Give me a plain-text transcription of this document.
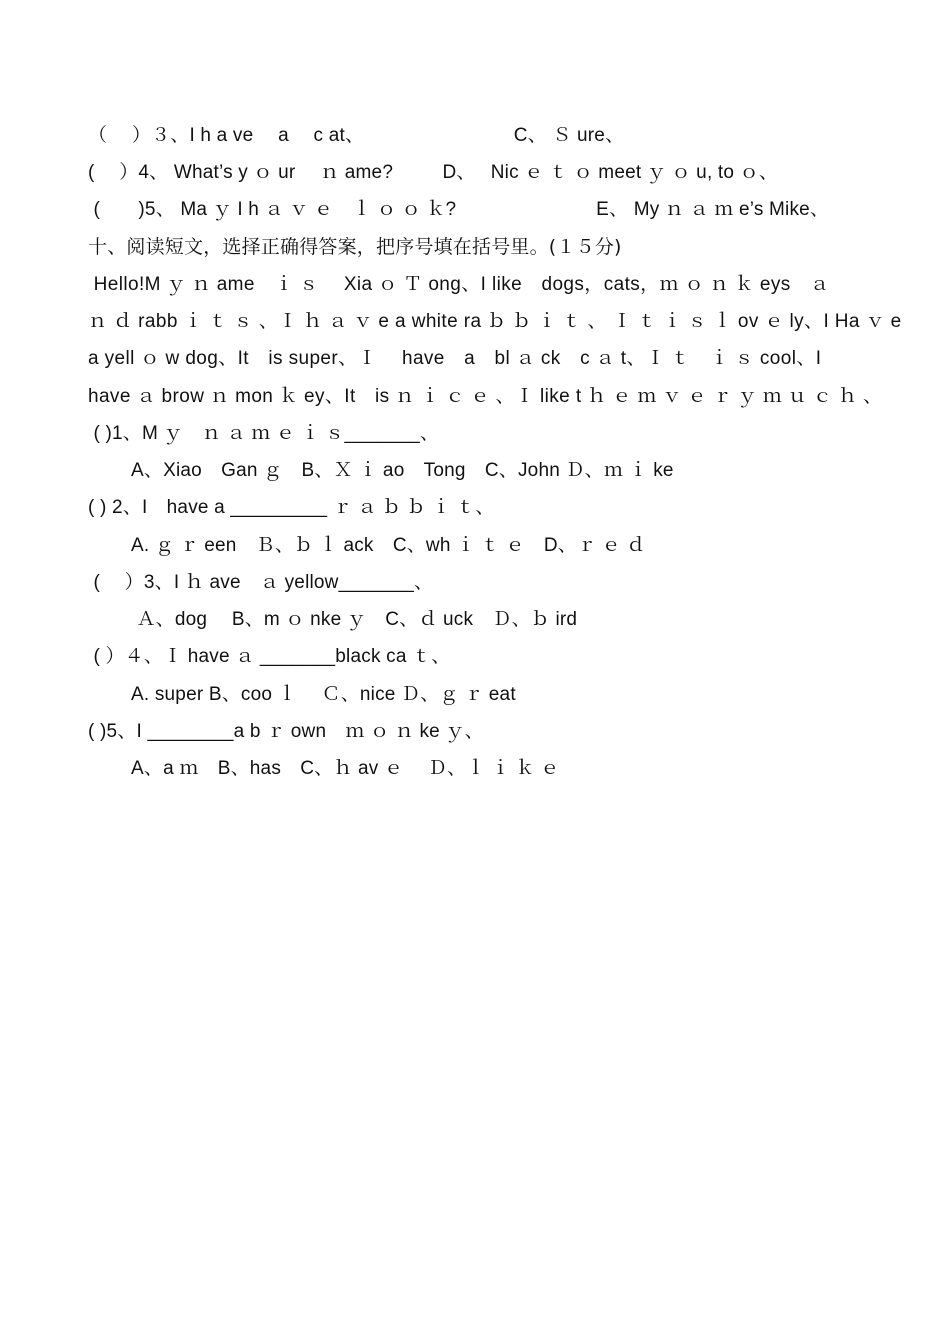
（　 ）３、I h a ve　 a　 c at、　　　　　　　　 C、 Ｓ ure、
(　 ）4、 What’s y ｏ ur　 ｎ ame?　　  D、　 Nic ｅ ｔ ｏ meet ｙ ｏ u, to ｏ、
(　　)5、 Ma ｙ I h ａ ｖ ｅ　ｌ ｏ ｏ ｋ?　　　　　　　 E、 My ｎ ａ ｍ e’s Mike、
十、阅读短文，选择正确得答案，把序号填在括号里。(１５分)
Hello!M ｙ ｎ ame　ｉ ｓ　 Xia ｏ Ｔ ong、I like　dogs，cats，ｍ ｏ ｎ ｋ eys　ａ
ｎ ｄ rabb ｉ ｔ ｓ 、Ｉ ｈ ａ ｖ e a white ra ｂ ｂ ｉ ｔ 、 Ｉ ｔ ｉ ｓ ｌ ov ｅ ly、I Ha ｖ e
a yell ｏ w dog、It　is super、Ｉ　 have　a　bl ａ ck　c ａ t、Ｉ ｔ　ｉ ｓ cool、I
have ａ brow ｎ mon ｋ ey、It　is ｎ ｉ ｃ ｅ 、Ｉ like t ｈ ｅ ｍ ｖ ｅ ｒ ｙ ｍ ｕ ｃ ｈ 、
( )1、M ｙ　ｎ ａ ｍ ｅ ｉ ｓ_______、
A、Xiao　Gan ｇ　B、Ｘ ｉ ao　Tong　C、John Ｄ、ｍ ｉ ke
( ) 2、I　have a _________ ｒ ａ ｂ ｂ ｉ ｔ、
A. ｇ ｒ een　Ｂ、ｂ ｌ ack　C、wh ｉ ｔ ｅ　D、ｒ ｅ ｄ
(　 ）3、I ｈ ave　ａ yellow_______、
Ａ、dog　 B、m ｏ nke ｙ　C、ｄ uck　Ｄ、ｂ ird
( ）４、Ｉ have ａ _______black ca ｔ、
A. super B、coo ｌ　 Ｃ、nice Ｄ、ｇ ｒ eat
( )5、I ________a b ｒ own　ｍ ｏ ｎ ke ｙ、
A、a ｍ　B、has　C、ｈ av ｅ　 Ｄ、ｌ ｉ ｋ ｅ
